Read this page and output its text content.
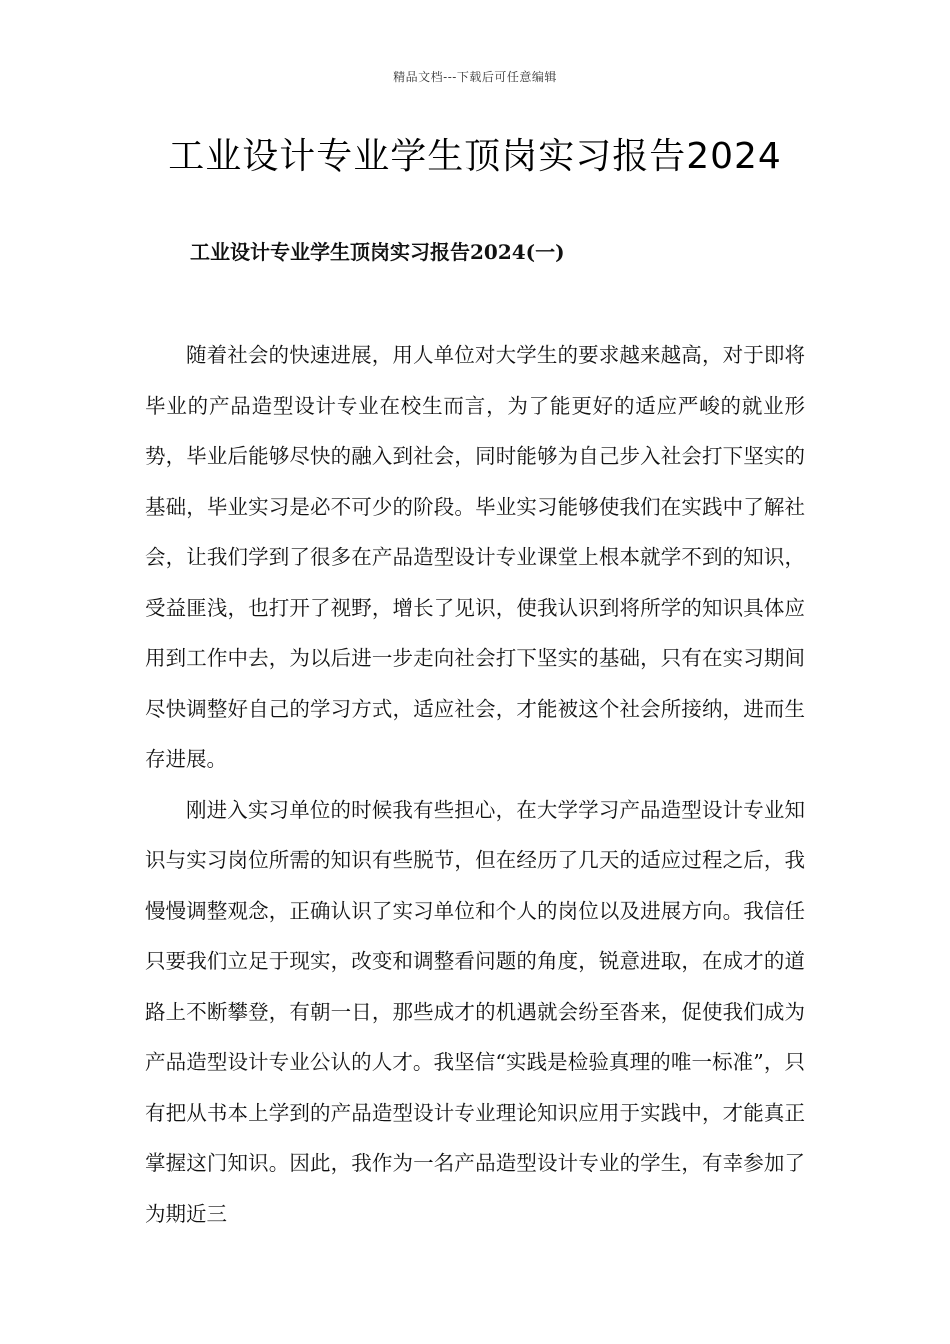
精品文档---下载后可任意编辑
工业设计专业学生顶岗实习报告2024
工业设计专业学生顶岗实习报告2024(一)

随着社会的快速进展，用人单位对大学生的要求越来越高，对于即将毕业的产品造型设计专业在校生而言，为了能更好的适应严峻的就业形势，毕业后能够尽快的融入到社会，同时能够为自己步入社会打下坚实的基础，毕业实习是必不可少的阶段。毕业实习能够使我们在实践中了解社会，让我们学到了很多在产品造型设计专业课堂上根本就学不到的知识，受益匪浅，也打开了视野，增长了见识，使我认识到将所学的知识具体应用到工作中去，为以后进一步走向社会打下坚实的基础，只有在实习期间尽快调整好自己的学习方式，适应社会，才能被这个社会所接纳，进而生存进展。

刚进入实习单位的时候我有些担心，在大学学习产品造型设计专业知识与实习岗位所需的知识有些脱节，但在经历了几天的适应过程之后，我慢慢调整观念，正确认识了实习单位和个人的岗位以及进展方向。我信任只要我们立足于现实，改变和调整看问题的角度，锐意进取，在成才的道路上不断攀登，有朝一日，那些成才的机遇就会纷至沓来，促使我们成为产品造型设计专业公认的人才。我坚信“实践是检验真理的唯一标准”，只有把从书本上学到的产品造型设计专业理论知识应用于实践中，才能真正掌握这门知识。因此，我作为一名产品造型设计专业的学生，有幸参加了为期近三
